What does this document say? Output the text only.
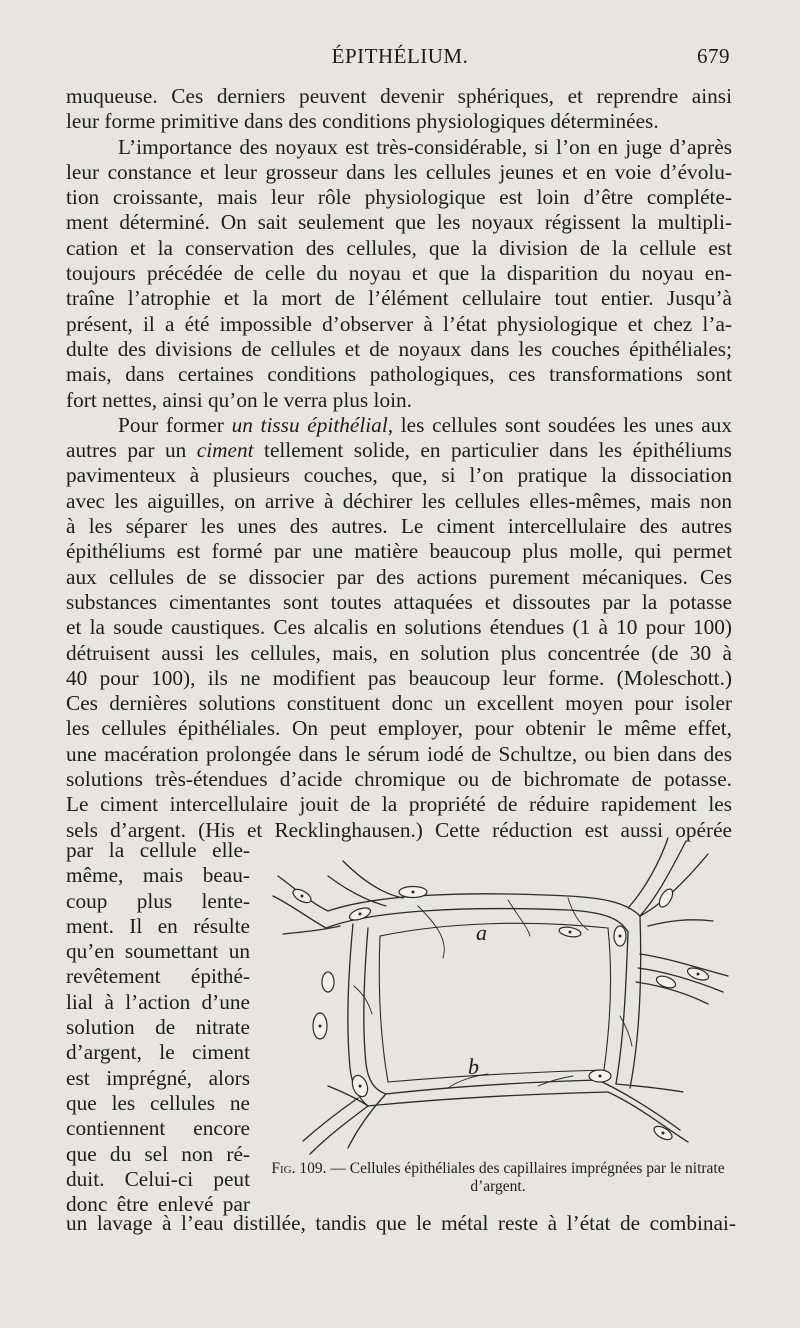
ÉPITHÉLIUM.	679
muqueuse. Ces derniers peuvent devenir sphériques, et reprendre ainsi
leur forme primitive dans des conditions physiologiques déterminées.
L’importance des noyaux est très-considérable, si l’on en juge d’après
leur constance et leur grosseur dans les cellules jeunes et en voie d’évolu-
tion croissante, mais leur rôle physiologique est loin d’être compléte-
ment déterminé. On sait seulement que les noyaux régissent la multipli-
cation et la conservation des cellules, que la division de la cellule est
toujours précédée de celle du noyau et que la disparition du noyau en-
traîne l’atrophie et la mort de l’élément cellulaire tout entier. Jusqu’à
présent, il a été impossible d’observer à l’état physiologique et chez l’a-
dulte des divisions de cellules et de noyaux dans les couches épithéliales;
mais, dans certaines conditions pathologiques, ces transformations sont
fort nettes, ainsi qu’on le verra plus loin.
Pour former un tissu épithélial, les cellules sont soudées les unes aux
autres par un ciment tellement solide, en particulier dans les épithéliums
pavimenteux à plusieurs couches, que, si l’on pratique la dissociation
avec les aiguilles, on arrive à déchirer les cellules elles-mêmes, mais non
à les séparer les unes des autres. Le ciment intercellulaire des autres
épithéliums est formé par une matière beaucoup plus molle, qui permet
aux cellules de se dissocier par des actions purement mécaniques. Ces
substances cimentantes sont toutes attaquées et dissoutes par la potasse
et la soude caustiques. Ces alcalis en solutions étendues (1 à 10 pour 100)
détruisent aussi les cellules, mais, en solution plus concentrée (de 30 à
40 pour 100), ils ne modifient pas beaucoup leur forme. (Moleschott.)
Ces dernières solutions constituent donc un excellent moyen pour isoler
les cellules épithéliales. On peut employer, pour obtenir le même effet,
une macération prolongée dans le sérum iodé de Schultze, ou bien dans des
solutions très-étendues d’acide chromique ou de bichromate de potasse.
Le ciment intercellulaire jouit de la propriété de réduire rapidement les
sels d’argent. (His et Recklinghausen.) Cette réduction est aussi opérée
par la cellule elle-
même, mais beau-
coup plus lente-
ment. Il en résulte
qu’en soumettant un
revêtement épithé-
lial à l’action d’une
solution de nitrate
d’argent, le ciment
est imprégné, alors
que les cellules ne
contiennent encore
que du sel non ré-
duit. Celui-ci peut
donc être enlevé par
a
b
Fig. 109. — Cellules épithéliales des capillaires imprégnées par le nitrate d’argent.
un lavage à l’eau distillée, tandis que le métal reste à l’état de combinai-
